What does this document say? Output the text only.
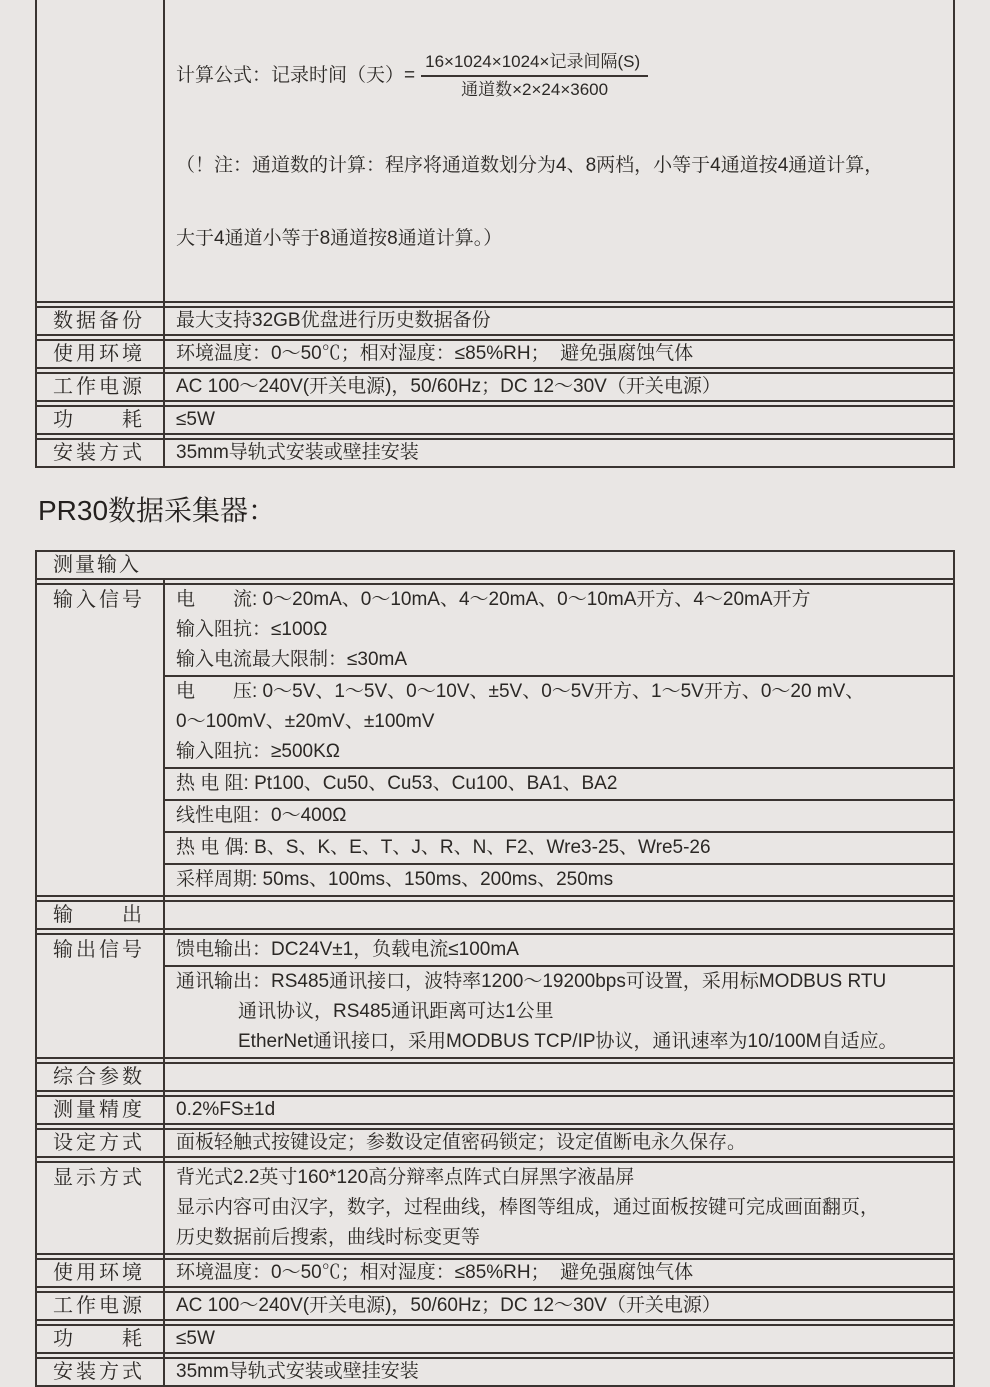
计算公式：记录时间（天）= $\frac{\text{16×1024×1024×记录间隔(S)}}{\text{通道数×2×24×3600}}$

（！注：通道数的计算：程序将通道数划分为4、8两档，小等于4通道按4通道计算，

大于4通道小等于8通道按8通道计算。）

数据备份	最大支持32GB优盘进行历史数据备份
使用环境	环境温度：0～50℃；相对湿度：≤85%RH；  避免强腐蚀气体
工作电源	AC 100～240V(开关电源)，50/60Hz；DC 12～30V（开关电源）
功　　耗	≤5W
安装方式	35mm导轨式安装或壁挂安装
PR30数据采集器：
测量输入
输入信号	电　　流: 0～20mA、0～10mA、4～20mA、0～10mA开方、4～20mA开方
输入阻抗：≤100Ω
输入电流最大限制：≤30mA
电　　压: 0～5V、1～5V、0～10V、±5V、0～5V开方、1～5V开方、0～20 mV、
0～100mV、±20mV、±100mV
输入阻抗：≥500KΩ
热 电 阻: Pt100、Cu50、Cu53、Cu100、BA1、BA2
线性电阻：0～400Ω
热 电 偶: B、S、K、E、T、J、R、N、F2、Wre3-25、Wre5-26
采样周期: 50ms、100ms、150ms、200ms、250ms
输　　出
输出信号	馈电输出：DC24V±1，负载电流≤100mA
通讯输出：RS485通讯接口，波特率1200～19200bps可设置，采用标MODBUS RTU
通讯协议，RS485通讯距离可达1公里
EtherNet通讯接口，采用MODBUS TCP/IP协议，通讯速率为10/100M自适应。
综合参数
测量精度	0.2%FS±1d
设定方式	面板轻触式按键设定；参数设定值密码锁定；设定值断电永久保存。
显示方式	背光式2.2英寸160*120高分辩率点阵式白屏黑字液晶屏
显示内容可由汉字，数字，过程曲线，棒图等组成，通过面板按键可完成画面翻页，
历史数据前后搜索，曲线时标变更等
使用环境	环境温度：0～50℃；相对湿度：≤85%RH；  避免强腐蚀气体
工作电源	AC 100～240V(开关电源)，50/60Hz；DC 12～30V（开关电源）
功　　耗	≤5W
安装方式	35mm导轨式安装或壁挂安装
